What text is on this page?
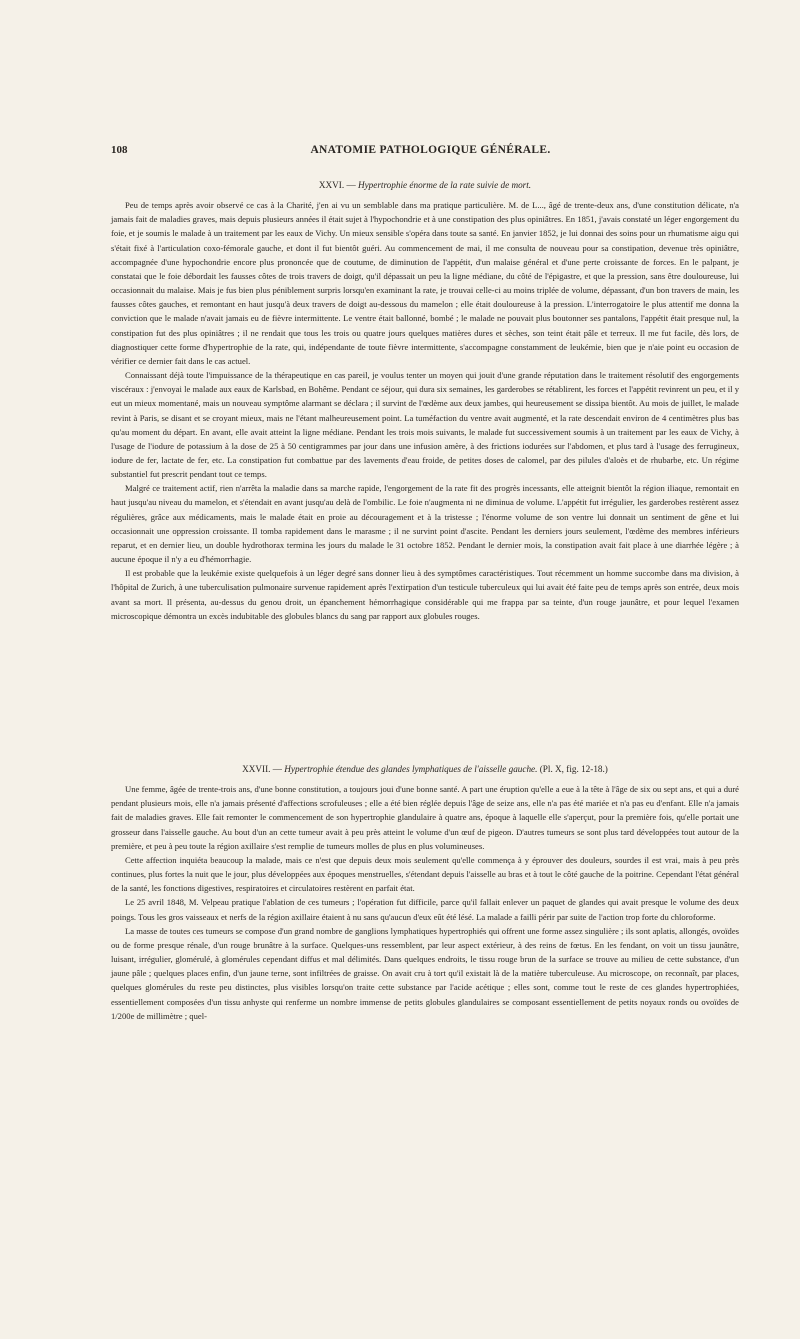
108	ANATOMIE PATHOLOGIQUE GÉNÉRALE.
XXVI. — Hypertrophie énorme de la rate suivie de mort.

Peu de temps après avoir observé ce cas à la Charité, j'en ai vu un semblable dans ma pratique particulière. M. de L..., âgé de trente-deux ans, d'une constitution délicate, n'a jamais fait de maladies graves, mais depuis plusieurs années il était sujet à l'hypochondrie et à une constipation des plus opiniâtres. En 1851, j'avais constaté un léger engorgement du foie, et je soumis le malade à un traitement par les eaux de Vichy. Un mieux sensible s'opéra dans toute sa santé. En janvier 1852, je lui donnai des soins pour un rhumatisme aigu qui s'était fixé à l'articulation coxo-fémorale gauche, et dont il fut bientôt guéri. Au commencement de mai, il me consulta de nouveau pour sa constipation, devenue très opiniâtre, accompagnée d'une hypochondrie encore plus prononcée que de coutume, de diminution de l'appétit, d'un malaise général et d'une perte croissante de forces. En le palpant, je constatai que le foie débordait les fausses côtes de trois travers de doigt, qu'il dépassait un peu la ligne médiane, du côté de l'épigastre, et que la pression, sans être douloureuse, lui occasionnait du malaise. Mais je fus bien plus péniblement surpris lorsqu'en examinant la rate, je trouvai celle-ci au moins triplée de volume, dépassant, d'un bon travers de main, les fausses côtes gauches, et remontant en haut jusqu'à deux travers de doigt au-dessous du mamelon ; elle était douloureuse à la pression. L'interrogatoire le plus attentif me donna la conviction que le malade n'avait jamais eu de fièvre intermittente. Le ventre était ballonné, bombé ; le malade ne pouvait plus boutonner ses pantalons, l'appétit était presque nul, la constipation fut des plus opiniâtres ; il ne rendait que tous les trois ou quatre jours quelques matières dures et sèches, son teint était pâle et terreux. Il me fut facile, dès lors, de diagnostiquer cette forme d'hypertrophie de la rate, qui, indépendante de toute fièvre intermittente, s'accompagne constamment de leukémie, bien que je n'aie point eu occasion de vérifier ce dernier fait dans le cas actuel.

Connaissant déjà toute l'impuissance de la thérapeutique en cas pareil, je voulus tenter un moyen qui jouit d'une grande réputation dans le traitement résolutif des engorgements viscéraux : j'envoyai le malade aux eaux de Karlsbad, en Bohême. Pendant ce séjour, qui dura six semaines, les garderobes se rétablirent, les forces et l'appétit revinrent un peu, et il y eut un mieux momentané, mais un nouveau symptôme alarmant se déclara ; il survint de l'œdème aux deux jambes, qui heureusement se dissipa bientôt. Au mois de juillet, le malade revint à Paris, se disant et se croyant mieux, mais ne l'étant malheureusement point. La tuméfaction du ventre avait augmenté, et la rate descendait environ de 4 centimètres plus bas qu'au moment du départ. En avant, elle avait atteint la ligne médiane. Pendant les trois mois suivants, le malade fut successivement soumis à un traitement par les eaux de Vichy, à l'usage de l'iodure de potassium à la dose de 25 à 50 centigrammes par jour dans une infusion amère, à des frictions iodurées sur l'abdomen, et plus tard à l'usage des ferrugineux, iodure de fer, lactate de fer, etc. La constipation fut combattue par des lavements d'eau froide, de petites doses de calomel, par des pilules d'aloès et de rhubarbe, etc. Un régime substantiel fut prescrit pendant tout ce temps.

Malgré ce traitement actif, rien n'arrêta la maladie dans sa marche rapide, l'engorgement de la rate fit des progrès incessants, elle atteignit bientôt la région iliaque, remontait en haut jusqu'au niveau du mamelon, et s'étendait en avant jusqu'au delà de l'ombilic. Le foie n'augmenta ni ne diminua de volume. L'appétit fut irrégulier, les garderobes restèrent assez régulières, grâce aux médicaments, mais le malade était en proie au découragement et à la tristesse ; l'énorme volume de son ventre lui donnait un sentiment de gêne et lui occasionnait une oppression croissante. Il tomba rapidement dans le marasme ; il ne survint point d'ascite. Pendant les derniers jours seulement, l'œdème des membres inférieurs reparut, et en dernier lieu, un double hydrothorax termina les jours du malade le 31 octobre 1852. Pendant le dernier mois, la constipation avait fait place à une diarrhée légère ; à aucune époque il n'y a eu d'hémorrhagie.

Il est probable que la leukémie existe quelquefois à un léger degré sans donner lieu à des symptômes caractéristiques. Tout récemment un homme succombe dans ma division, à l'hôpital de Zurich, à une tuberculisation pulmonaire survenue rapidement après l'extirpation d'un testicule tuberculeux qui lui avait été faite peu de temps après son entrée, deux mois avant sa mort. Il présenta, au-dessus du genou droit, un épanchement hémorrhagique considérable qui me frappa par sa teinte, d'un rouge jaunâtre, et pour lequel l'examen microscopique démontra un excès indubitable des globules blancs du sang par rapport aux globules rouges.

XXVII. — Hypertrophie étendue des glandes lymphatiques de l'aisselle gauche. (Pl. X, fig. 12-18.)

Une femme, âgée de trente-trois ans, d'une bonne constitution, a toujours joui d'une bonne santé. A part une éruption qu'elle a eue à la tête à l'âge de six ou sept ans, et qui a duré pendant plusieurs mois, elle n'a jamais présenté d'affections scrofuleuses ; elle a été bien réglée depuis l'âge de seize ans, elle n'a pas été mariée et n'a pas eu d'enfant. Elle n'a jamais fait de maladies graves. Elle fait remonter le commencement de son hypertrophie glandulaire à quatre ans, époque à laquelle elle s'aperçut, pour la première fois, qu'elle portait une grosseur dans l'aisselle gauche. Au bout d'un an cette tumeur avait à peu près atteint le volume d'un œuf de pigeon. D'autres tumeurs se sont plus tard développées tout autour de la première, et peu à peu toute la région axillaire s'est remplie de tumeurs molles de plus en plus volumineuses.

Cette affection inquiéta beaucoup la malade, mais ce n'est que depuis deux mois seulement qu'elle commença à y éprouver des douleurs, sourdes il est vrai, mais à peu près continues, plus fortes la nuit que le jour, plus développées aux époques menstruelles, s'étendant depuis l'aisselle au bras et à tout le côté gauche de la poitrine. Cependant l'état général de la santé, les fonctions digestives, respiratoires et circulatoires restèrent en parfait état.

Le 25 avril 1848, M. Velpeau pratique l'ablation de ces tumeurs ; l'opération fut difficile, parce qu'il fallait enlever un paquet de glandes qui avait presque le volume des deux poings. Tous les gros vaisseaux et nerfs de la région axillaire étaient à nu sans qu'aucun d'eux eût été lésé. La malade a failli périr par suite de l'action trop forte du chloroforme.

La masse de toutes ces tumeurs se compose d'un grand nombre de ganglions lymphatiques hypertrophiés qui offrent une forme assez singulière ; ils sont aplatis, allongés, ovoïdes ou de forme presque rénale, d'un rouge brunâtre à la surface. Quelques-uns ressemblent, par leur aspect extérieur, à des reins de fœtus. En les fendant, on voit un tissu jaunâtre, luisant, irrégulier, glomérulé, à glomérules cependant diffus et mal délimités. Dans quelques endroits, le tissu rouge brun de la surface se trouve au milieu de cette substance, d'un jaune pâle ; quelques places enfin, d'un jaune terne, sont infiltrées de graisse. On avait cru à tort qu'il existait là de la matière tuberculeuse. Au microscope, on reconnaît, par places, quelques glomérules du reste peu distinctes, plus visibles lorsqu'on traite cette substance par l'acide acétique ; elles sont, comme tout le reste de ces glandes hypertrophiées, essentiellement composées d'un tissu anhyste qui renferme un nombre immense de petits globules glandulaires se composant essentiellement de petits noyaux ronds ou ovoïdes de 1/200e de millimètre ; quel-
